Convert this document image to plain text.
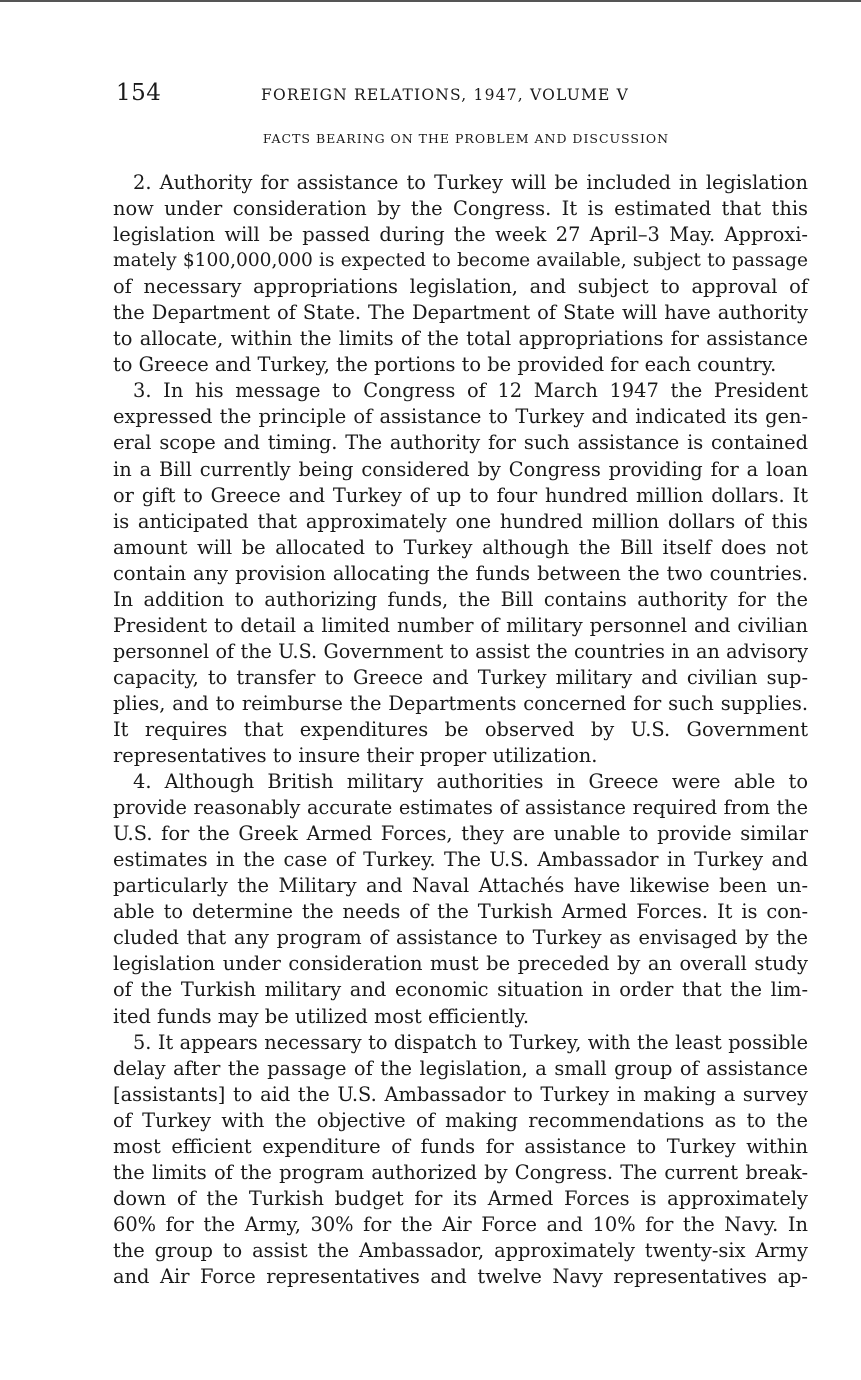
154	FOREIGN RELATIONS, 1947, VOLUME V
FACTS BEARING ON THE PROBLEM AND DISCUSSION
2. Authority for assistance to Turkey will be included in legislation
now under consideration by the Congress. It is estimated that this
legislation will be passed during the week 27 April–3 May. Approxi-
mately $100,000,000 is expected to become available, subject to passage
of necessary appropriations legislation, and subject to approval of
the Department of State. The Department of State will have authority
to allocate, within the limits of the total appropriations for assistance
to Greece and Turkey, the portions to be provided for each country.
3. In his message to Congress of 12 March 1947 the President
expressed the principle of assistance to Turkey and indicated its gen-
eral scope and timing. The authority for such assistance is contained
in a Bill currently being considered by Congress providing for a loan
or gift to Greece and Turkey of up to four hundred million dollars. It
is anticipated that approximately one hundred million dollars of this
amount will be allocated to Turkey although the Bill itself does not
contain any provision allocating the funds between the two countries.
In addition to authorizing funds, the Bill contains authority for the
President to detail a limited number of military personnel and civilian
personnel of the U.S. Government to assist the countries in an advisory
capacity, to transfer to Greece and Turkey military and civilian sup-
plies, and to reimburse the Departments concerned for such supplies.
It requires that expenditures be observed by U.S. Government
representatives to insure their proper utilization.
4. Although British military authorities in Greece were able to
provide reasonably accurate estimates of assistance required from the
U.S. for the Greek Armed Forces, they are unable to provide similar
estimates in the case of Turkey. The U.S. Ambassador in Turkey and
particularly the Military and Naval Attachés have likewise been un-
able to determine the needs of the Turkish Armed Forces. It is con-
cluded that any program of assistance to Turkey as envisaged by the
legislation under consideration must be preceded by an overall study
of the Turkish military and economic situation in order that the lim-
ited funds may be utilized most efficiently.
5. It appears necessary to dispatch to Turkey, with the least possible
delay after the passage of the legislation, a small group of assistance
[assistants] to aid the U.S. Ambassador to Turkey in making a survey
of Turkey with the objective of making recommendations as to the
most efficient expenditure of funds for assistance to Turkey within
the limits of the program authorized by Congress. The current break-
down of the Turkish budget for its Armed Forces is approximately
60% for the Army, 30% for the Air Force and 10% for the Navy. In
the group to assist the Ambassador, approximately twenty-six Army
and Air Force representatives and twelve Navy representatives ap-
